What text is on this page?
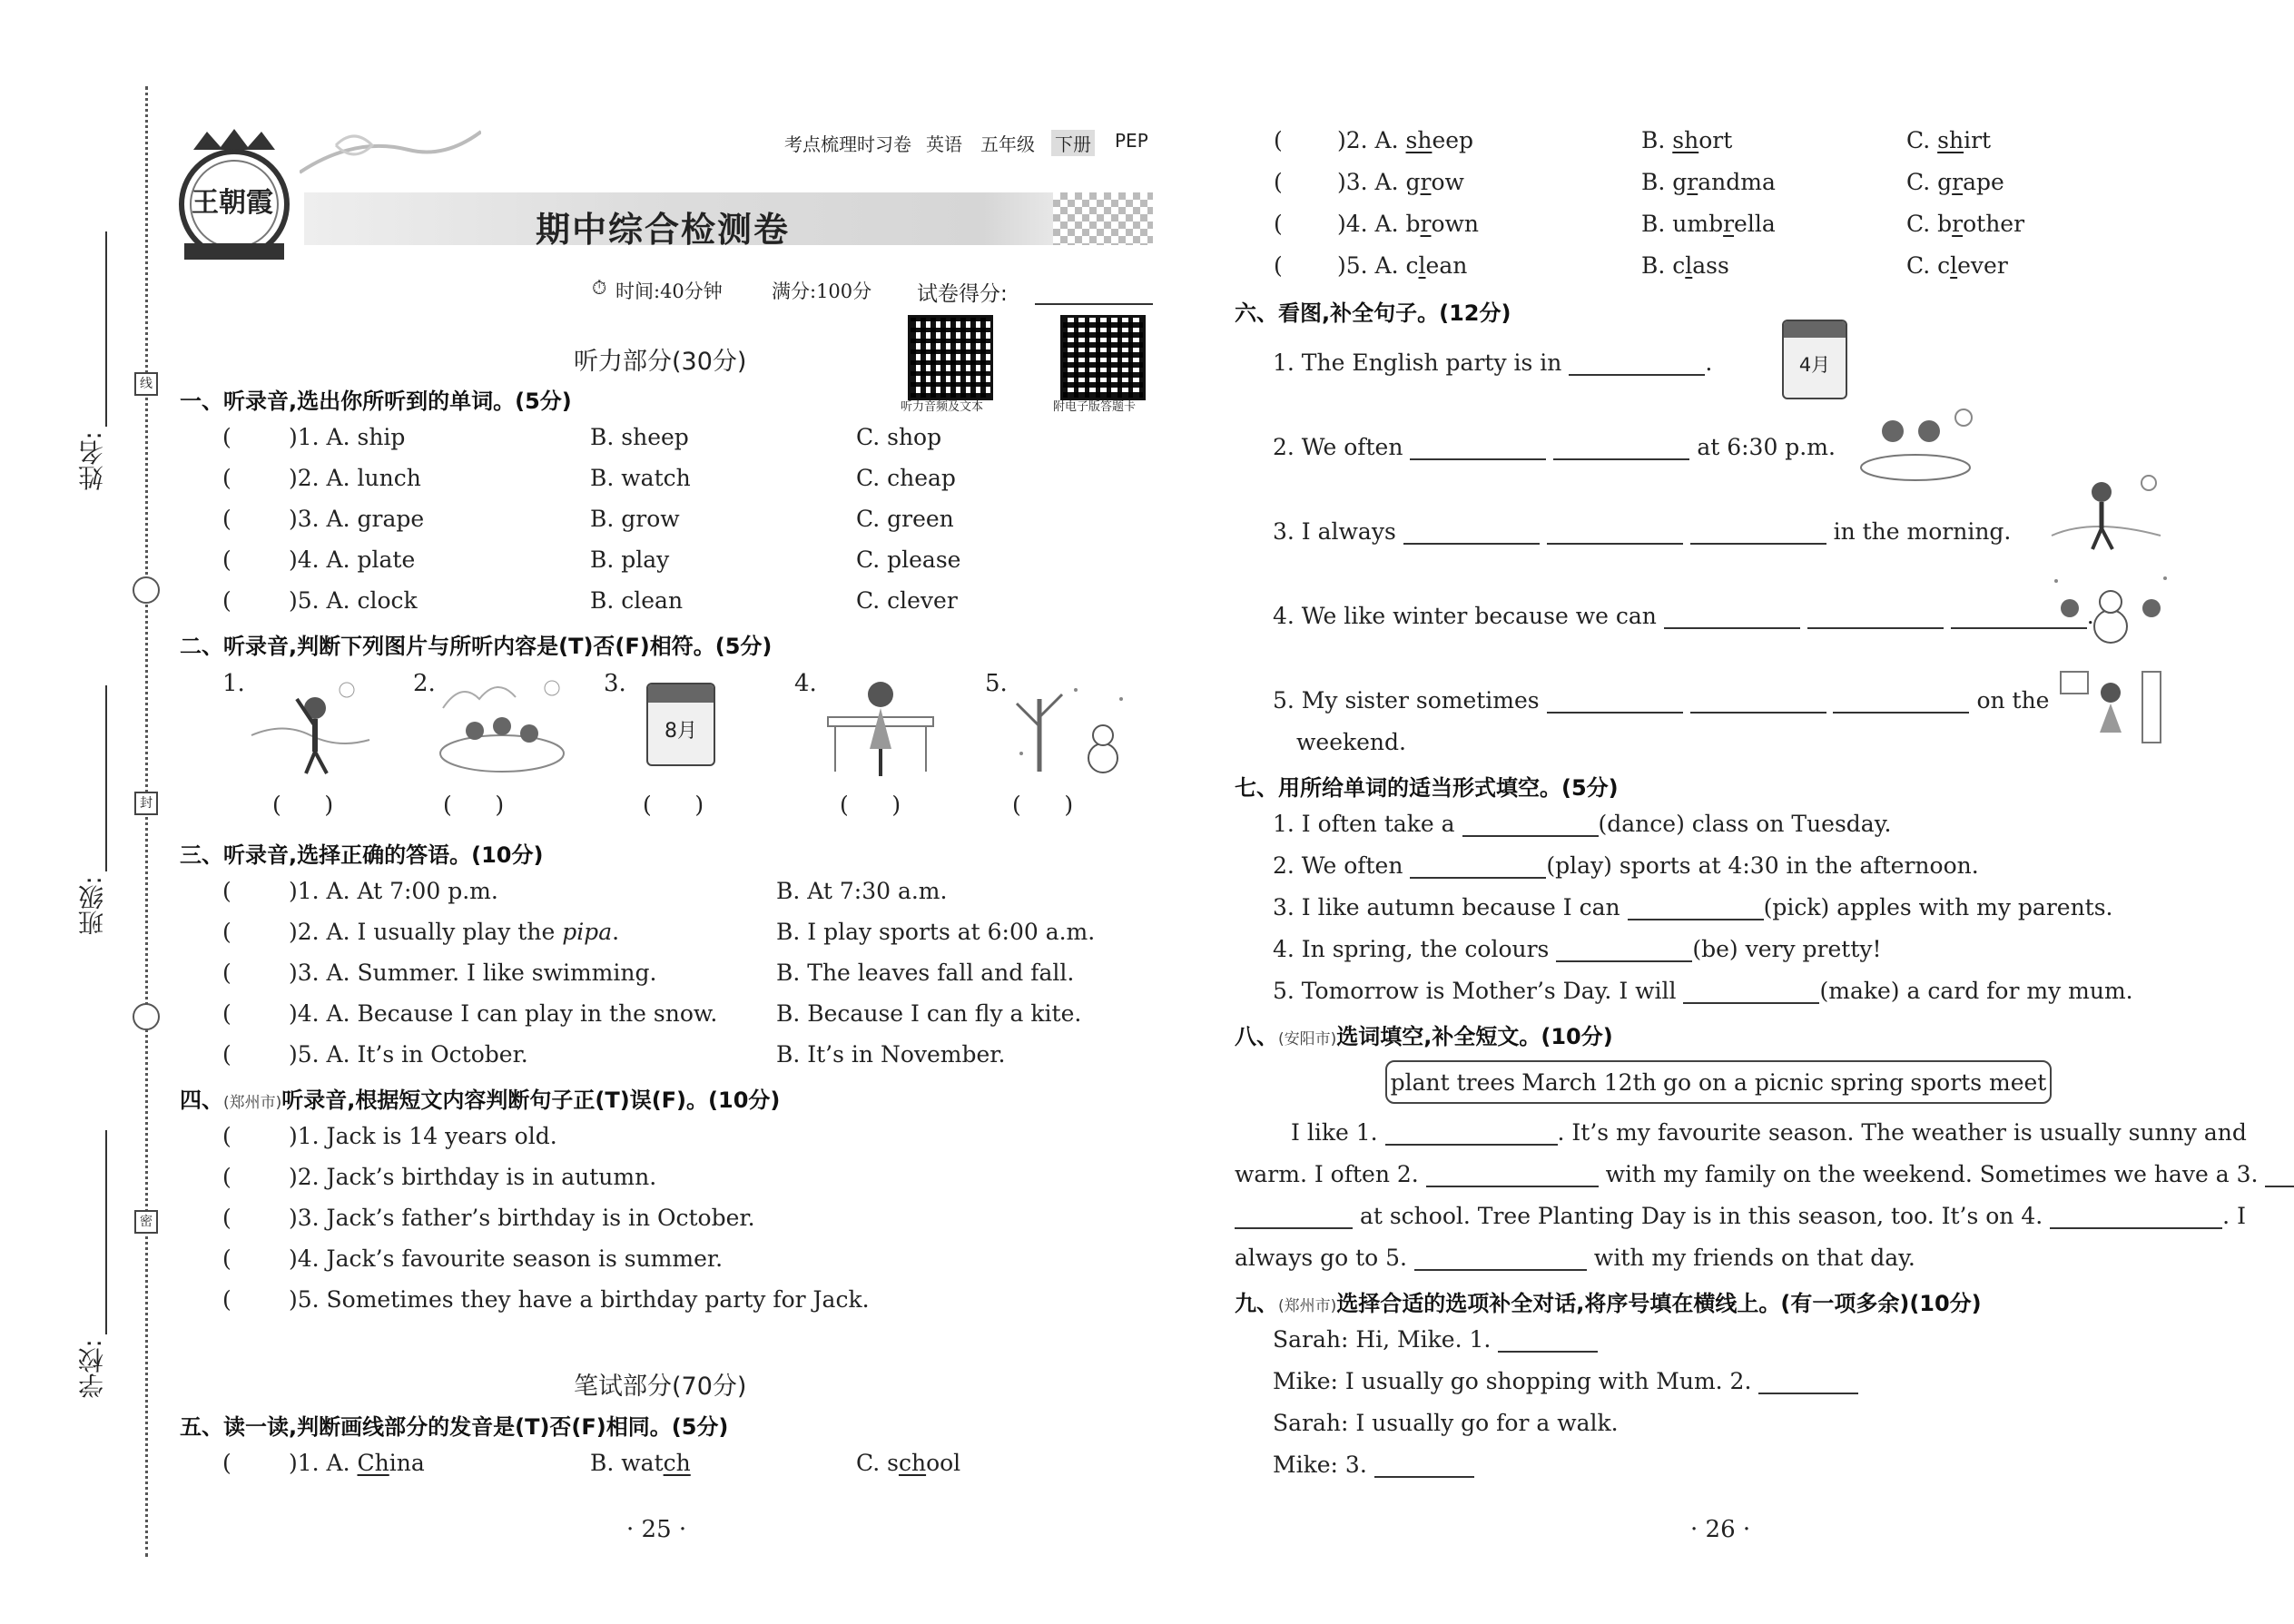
姓名:
班级:
学校:
线
封
密
王朝霞
考点梳理时习卷 英语 五年级 下册 PEP
期中综合检测卷
⏱ 时间:40分钟	满分:100分 试卷得分:
听力音频及文本	附电子版答题卡
听力部分(30分)
一、听录音,选出你所听到的单词。(5分)
(	)1. A. ship	B. sheep	C. shop
(	)2. A. lunch	B. watch	C. cheap
(	)3. A. grape	B. grow	C. green
(	)4. A. plate	B. play	C. please
(	)5. A. clock	B. clean	C. clever
二、听录音,判断下列图片与所听内容是(T)否(F)相符。(5分)
1.
(      )
2.
(      )
3.
8月
(      )
4.
(      )
5.
(      )
三、听录音,选择正确的答语。(10分)
(	)1. A. At 7:00 p.m.	B. At 7:30 a.m.
(	)2. A. I usually play the pipa.	B. I play sports at 6:00 a.m.
(	)3. A. Summer. I like swimming.	B. The leaves fall and fall.
(	)4. A. Because I can play in the snow.	B. Because I can fly a kite.
(	)5. A. It’s in October.	B. It’s in November.
四、(郑州市)听录音,根据短文内容判断句子正(T)误(F)。(10分)
(	)1. Jack is 14 years old.
(	)2. Jack’s birthday is in autumn.
(	)3. Jack’s father’s birthday is in October.
(	)4. Jack’s favourite season is summer.
(	)5. Sometimes they have a birthday party for Jack.
笔试部分(70分)
五、读一读,判断画线部分的发音是(T)否(F)相同。(5分)
(	)1. A. China	B. watch	C. school
· 25 ·
( )2. A. sheep	B. short	C. shirt
( )3. A. grow	B. grandma	C. grape
( )4. A. brown	B. umbrella	C. brother
( )5. A. clean	B. class	C. clever
六、看图,补全句子。(12分)
1. The English party is in	.	4月
2. We often	at 6:30 p.m.
3. I always	in the morning.
4. We like winter because we can	.
5. My sister sometimes	on the
weekend.
七、用所给单词的适当形式填空。(5分)
1. I often take a	(dance) class on Tuesday.
2. We often	(play) sports at 4:30 in the afternoon.
3. I like autumn because I can	(pick) apples with my parents.
4. In spring, the colours	(be) very pretty!
5. Tomorrow is Mother’s Day. I will	(make) a card for my mum.
八、(安阳市)选词填空,补全短文。(10分)
plant trees March 12th go on a picnic spring sports meet
I like 1.	. It’s my favourite season. The weather is usually sunny and
warm. I often 2.	with my family on the weekend. Sometimes we have a 3.
at school. Tree Planting Day is in this season, too. It’s on 4.	. I
always go to 5.	with my friends on that day.
九、(郑州市)选择合适的选项补全对话,将序号填在横线上。(有一项多余)(10分)
Sarah: Hi, Mike. 1.
Mike: I usually go shopping with Mum. 2.
Sarah: I usually go for a walk.
Mike: 3.
· 26 ·
